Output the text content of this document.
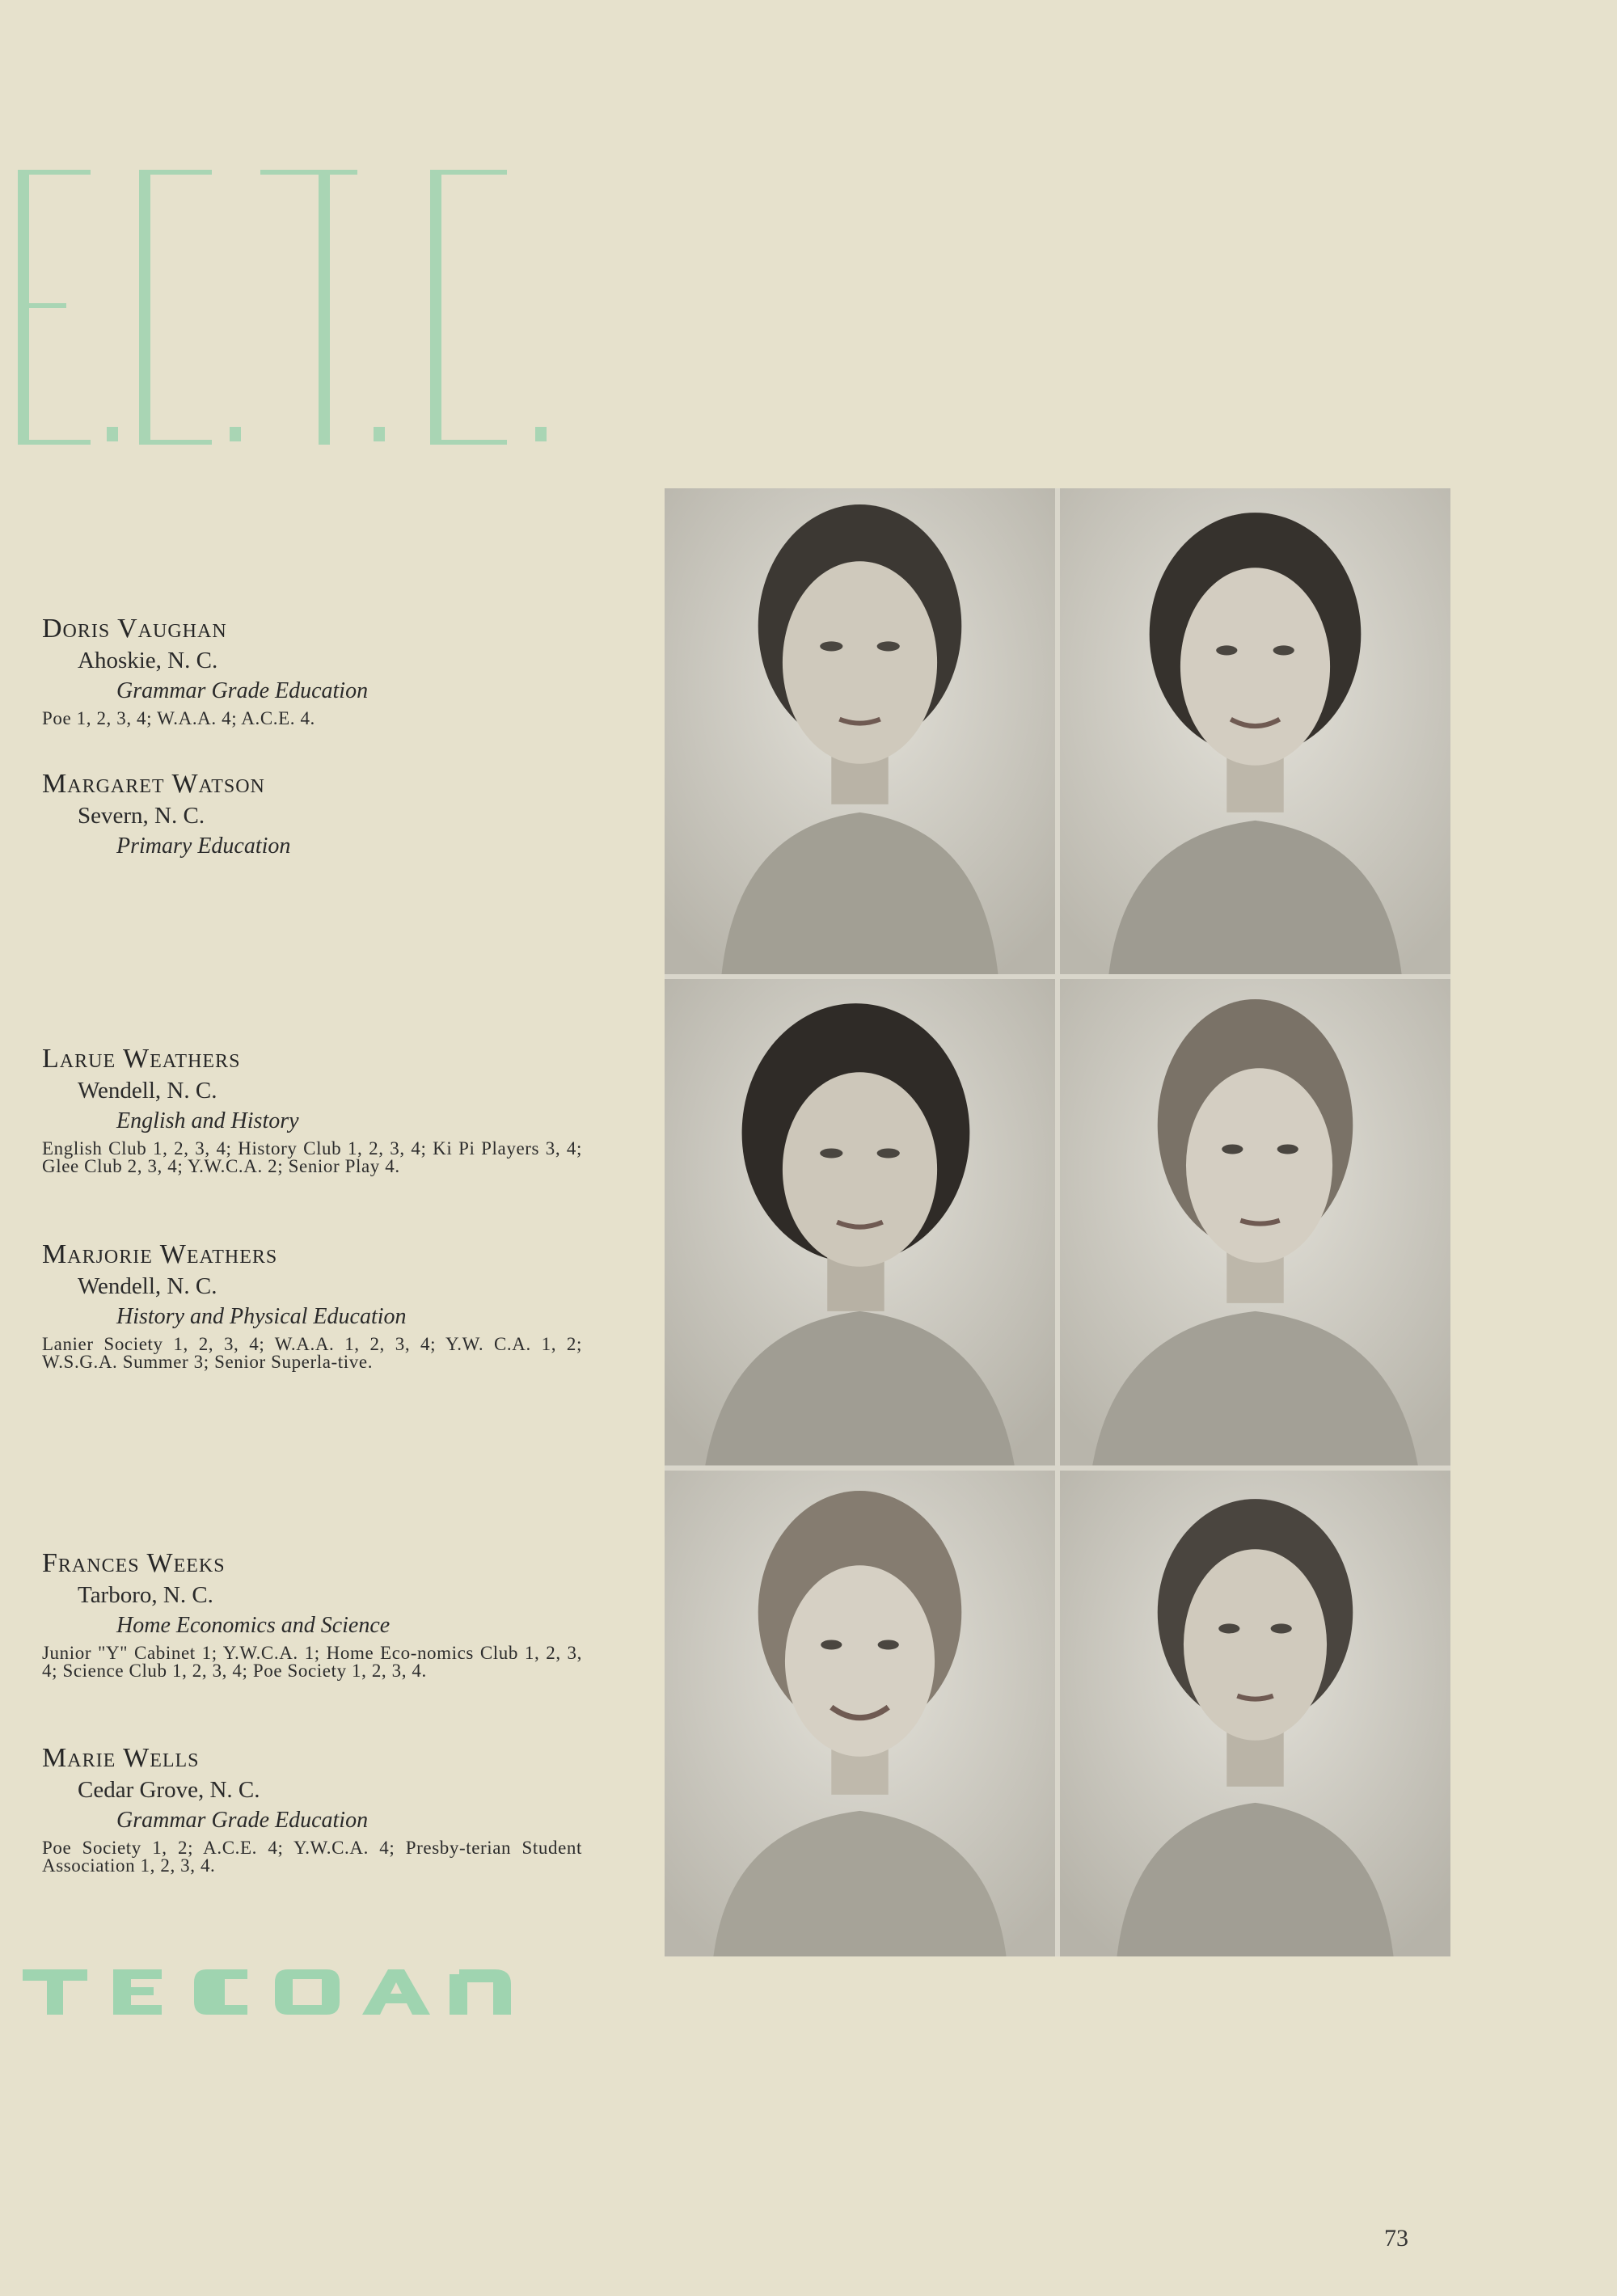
Doris Vaughan
Ahoskie, N. C.
Grammar Grade Education
Poe 1, 2, 3, 4; W.A.A. 4; A.C.E. 4.
Margaret Watson
Severn, N. C.
Primary Education
Larue Weathers
Wendell, N. C.
English and History
English Club 1, 2, 3, 4; History Club 1, 2, 3, 4; Ki Pi Players 3, 4; Glee Club 2, 3, 4; Y.W.C.A. 2; Senior Play 4.
Marjorie Weathers
Wendell, N. C.
History and Physical Education
Lanier Society 1, 2, 3, 4; W.A.A. 1, 2, 3, 4; Y.W. C.A. 1, 2; W.S.G.A. Summer 3; Senior Superla-tive.
Frances Weeks
Tarboro, N. C.
Home Economics and Science
Junior "Y" Cabinet 1; Y.W.C.A. 1; Home Eco-nomics Club 1, 2, 3, 4; Science Club 1, 2, 3, 4; Poe Society 1, 2, 3, 4.
Marie Wells
Cedar Grove, N. C.
Grammar Grade Education
Poe Society 1, 2; A.C.E. 4; Y.W.C.A. 4; Presby-terian Student Association 1, 2, 3, 4.
73
